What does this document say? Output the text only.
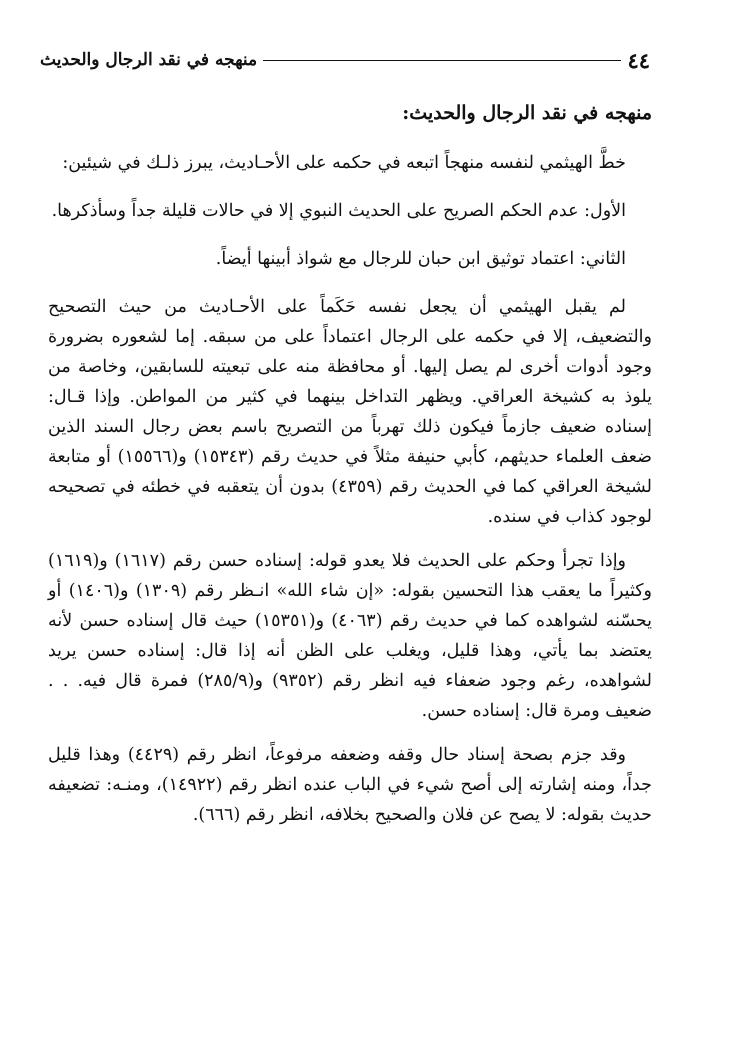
٤٤
منهجه في نقد الرجال والحديث

منهجه في نقد الرجال والحديث:

خطَّ الهيثمي لنفسه منهجاً اتبعه في حكمه على الأحـاديث، يبرز ذلـك في شيئين:

الأول: عدم الحكم الصريح على الحديث النبوي إلا في حالات قليلة جداً وسأذكرها.

الثاني: اعتماد توثيق ابن حبان للرجال مع شواذ أبينها أيضاً.

لم يقبل الهيثمي أن يجعل نفسه حَكَماً على الأحـاديث من حيث التصحيح والتضعيف، إلا في حكمه على الرجال اعتماداً على من سبقه. إما لشعوره بضرورة وجود أدوات أخرى لم يصل إليها. أو محافظة منه على تبعيته للسابقين، وخاصة من يلوذ به كشيخة العراقي. ويظهر التداخل بينهما في كثير من المواطن. وإذا قـال: إسناده ضعيف جازماً فيكون ذلك تهرباً من التصريح باسم بعض رجال السند الذين ضعف العلماء حديثهم، كأبي حنيفة مثلاً في حديث رقم (١٥٣٤٣) و(١٥٥٦٦) أو متابعة لشيخة العراقي كما في الحديث رقم (٤٣٥٩) بدون أن يتعقبه في خطئه في تصحيحه لوجود كذاب في سنده.

وإذا تجرأ وحكم على الحديث فلا يعدو قوله: إسناده حسن رقم (١٦١٧) و(١٦١٩) وكثيراً ما يعقب هذا التحسين بقوله: «إن شاء الله» انـظر رقم (١٣٠٩) و(١٤٠٦) أو يحسّنه لشواهده كما في حديث رقم (٤٠٦٣) و(١٥٣٥١) حيث قال إسناده حسن لأنه يعتضد بما يأتي، وهذا قليل، ويغلب على الظن أنه إذا قال: إسناده حسن يريد لشواهده، رغم وجود ضعفاء فيه انظر رقم (٩٣٥٢) و(٢٨٥/٩) فمرة قال فيه. . . ضعيف ومرة قال: إسناده حسن.

وقد جزم بصحة إسناد حال وقفه وضعفه مرفوعاً، انظر رقم (٤٤٢٩) وهذا قليل جداً، ومنه إشارته إلى أصح شيء في الباب عنده انظر رقم (١٤٩٢٢)، ومنـه: تضعيفه حديث بقوله: لا يصح عن فلان والصحيح بخلافه، انظر رقم (٦٦٦).
